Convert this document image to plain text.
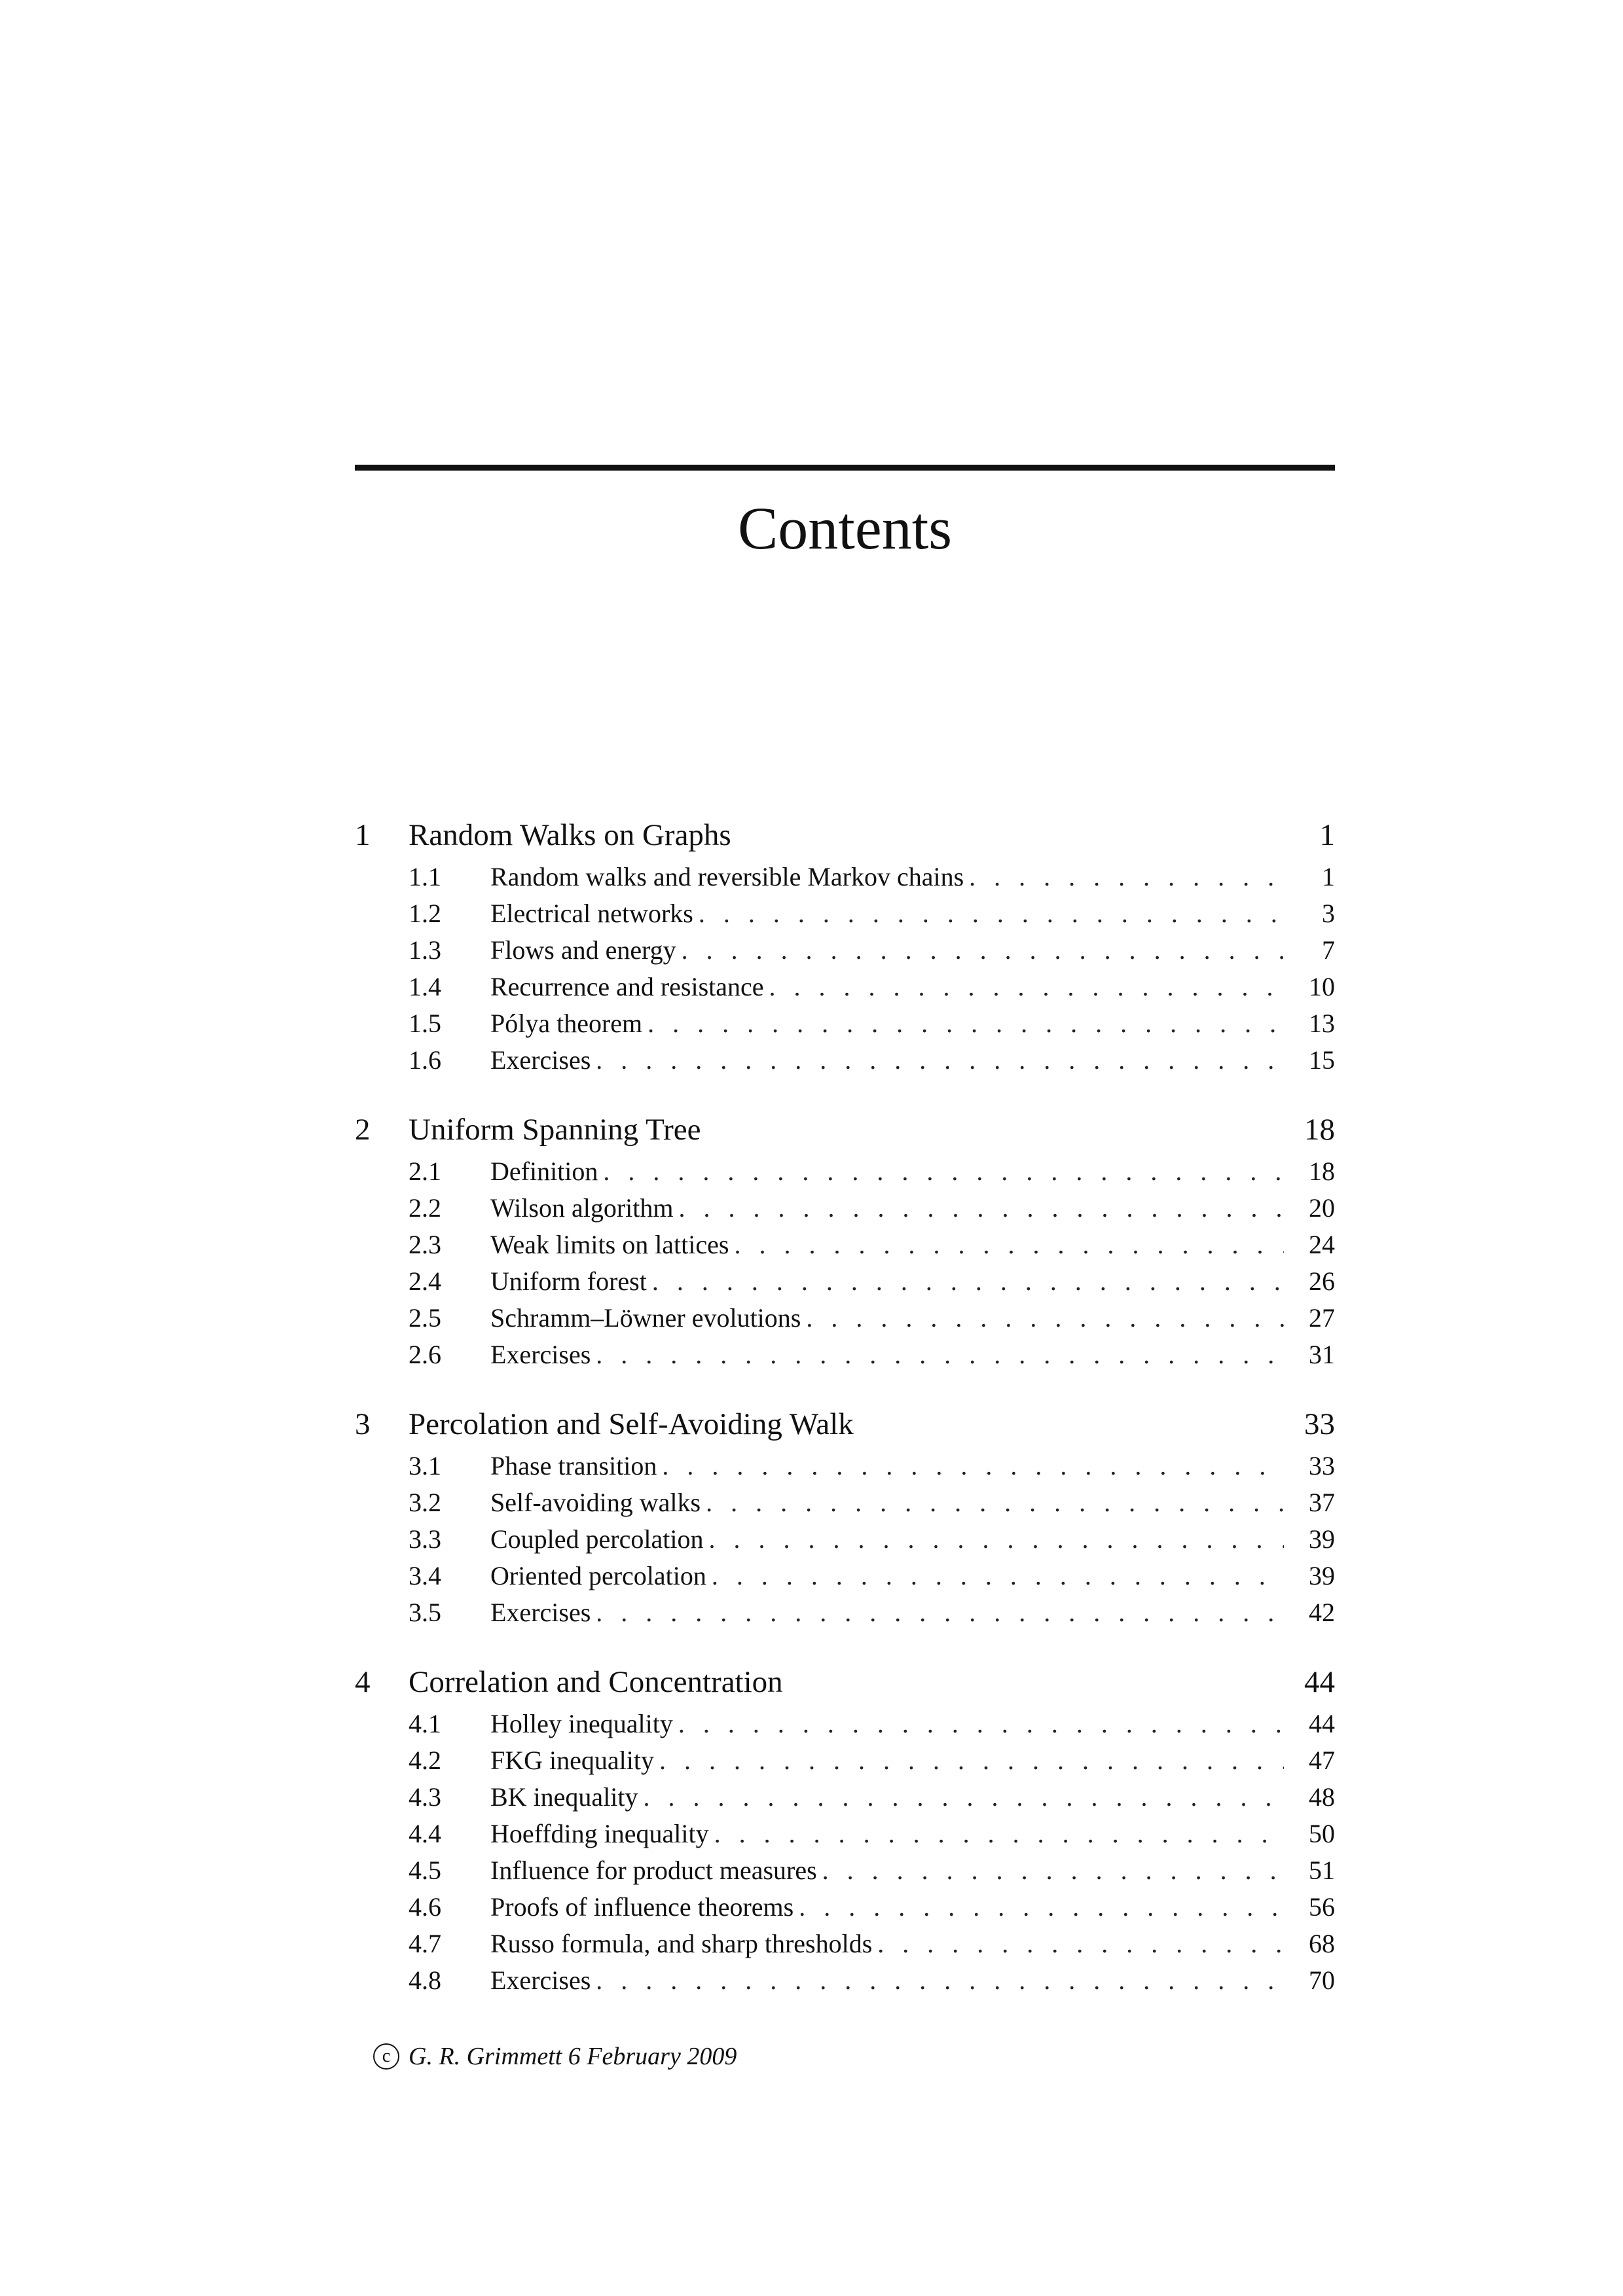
Contents
1	Random Walks on Graphs	1
1.1	Random walks and reversible Markov chains . . .	1
1.2	Electrical networks . . .	3
1.3	Flows and energy . . .	7
1.4	Recurrence and resistance . . .	10
1.5	Pólya theorem . . .	13
1.6	Exercises . . .	15
2	Uniform Spanning Tree	18
2.1	Definition . . .	18
2.2	Wilson algorithm . . .	20
2.3	Weak limits on lattices . . .	24
2.4	Uniform forest . . .	26
2.5	Schramm–Löwner evolutions . . .	27
2.6	Exercises . . .	31
3	Percolation and Self-Avoiding Walk	33
3.1	Phase transition . . .	33
3.2	Self-avoiding walks . . .	37
3.3	Coupled percolation . . .	39
3.4	Oriented percolation . . .	39
3.5	Exercises . . .	42
4	Correlation and Concentration	44
4.1	Holley inequality . . .	44
4.2	FKG inequality . . .	47
4.3	BK inequality . . .	48
4.4	Hoeffding inequality . . .	50
4.5	Influence for product measures . . .	51
4.6	Proofs of influence theorems . . .	56
4.7	Russo formula, and sharp thresholds . . .	68
4.8	Exercises . . .	70
c G. R. Grimmett 6 February 2009
